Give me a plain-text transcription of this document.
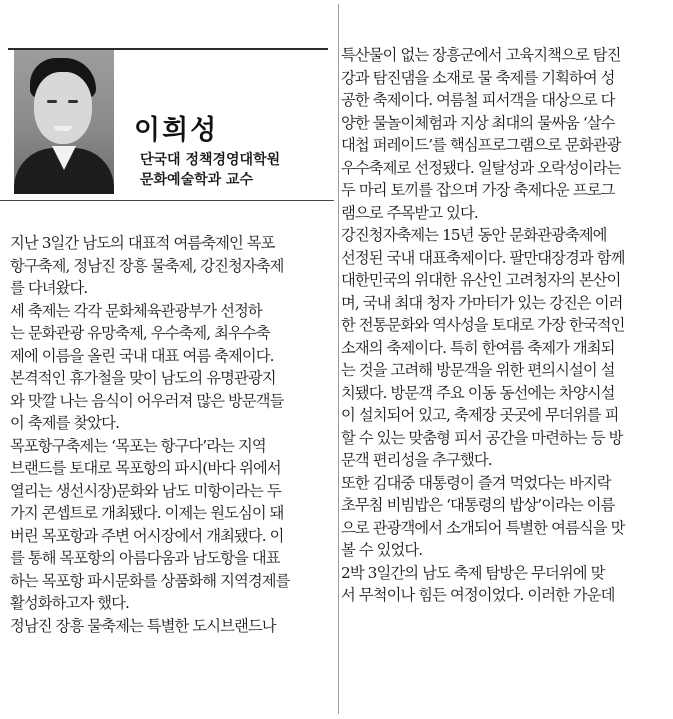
이희성
단국대 정책경영대학원
문화예술학과 교수

지난 3일간 남도의 대표적 여름축제인 목포
항구축제, 정남진 장흥 물축제, 강진청자축제
를 다녀왔다.

세 축제는 각각 문화체육관광부가 선정하
는 문화관광 유망축제, 우수축제, 최우수축
제에 이름을 올린 국내 대표 여름 축제이다.
본격적인 휴가철을 맞이 남도의 유명관광지
와 맛깔 나는 음식이 어우러져 많은 방문객들
이 축제를 찾았다.

목포항구축제는 ‘목포는 항구다’라는 지역
브랜드를 토대로 목포항의 파시(바다 위에서
열리는 생선시장)문화와 남도 미항이라는 두
가지 콘셉트로 개최됐다. 이제는 원도심이 돼
버린 목포항과 주변 어시장에서 개최됐다. 이
를 통해 목포항의 아름다움과 남도항을 대표
하는 목포항 파시문화를 상품화해 지역경제를
활성화하고자 했다.

정남진 장흥 물축제는 특별한 도시브랜드나

특산물이 없는 장흥군에서 고육지책으로 탐진
강과 탐진댐을 소재로 물 축제를 기획하여 성
공한 축제이다. 여름철 피서객을 대상으로 다
양한 물놀이체험과 지상 최대의 물싸움 ‘살수
대첩 퍼레이드’를 핵심프로그램으로 문화관광
우수축제로 선정됐다. 일탈성과 오락성이라는
두 마리 토끼를 잡으며 가장 축제다운 프로그
램으로 주목받고 있다.

강진청자축제는 15년 동안 문화관광축제에
선정된 국내 대표축제이다. 팔만대장경과 함께
대한민국의 위대한 유산인 고려청자의 본산이
며, 국내 최대 청자 가마터가 있는 강진은 이러
한 전통문화와 역사성을 토대로 가장 한국적인
소재의 축제이다. 특히 한여름 축제가 개최되
는 것을 고려해 방문객을 위한 편의시설이 설
치됐다. 방문객 주요 이동 동선에는 차양시설
이 설치되어 있고, 축제장 곳곳에 무더위를 피
할 수 있는 맞춤형 피서 공간을 마련하는 등 방
문객 편리성을 추구했다.

또한 김대중 대통령이 즐겨 먹었다는 바지락
초무침 비빔밥은 ‘대통령의 밥상’이라는 이름
으로 관광객에서 소개되어 특별한 여름식을 맛
볼 수 있었다.

2박 3일간의 남도 축제 탐방은 무더위에 맞
서 무척이나 힘든 여정이었다. 이러한 가운데
